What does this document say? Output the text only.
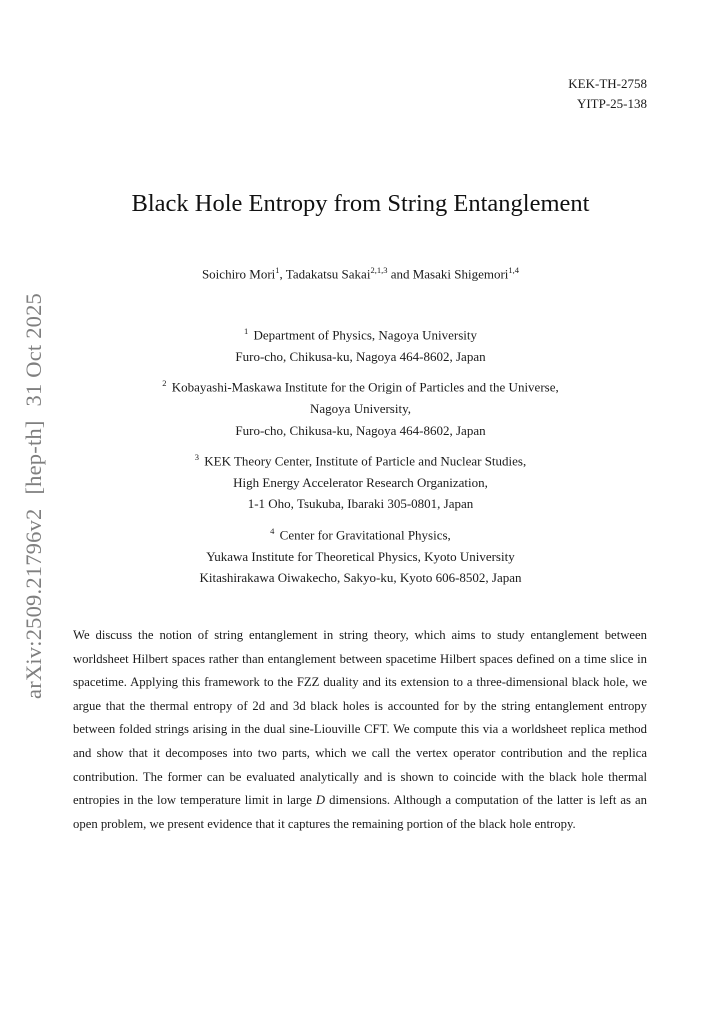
KEK-TH-2758
YITP-25-138
arXiv:2509.21796v2[hep-th]31 Oct 2025
Black Hole Entropy from String Entanglement
Soichiro Mori$^1$, Tadakatsu Sakai$^{2,1,3}$ and Masaki Shigemori$^{1,4}$
$^1$ Department of Physics, Nagoya University
Furo-cho, Chikusa-ku, Nagoya 464-8602, Japan
$^2$ Kobayashi-Maskawa Institute for the Origin of Particles and the Universe,
Nagoya University,
Furo-cho, Chikusa-ku, Nagoya 464-8602, Japan
$^3$ KEK Theory Center, Institute of Particle and Nuclear Studies,
High Energy Accelerator Research Organization,
1-1 Oho, Tsukuba, Ibaraki 305-0801, Japan
$^4$ Center for Gravitational Physics,
Yukawa Institute for Theoretical Physics, Kyoto University
Kitashirakawa Oiwakecho, Sakyo-ku, Kyoto 606-8502, Japan

We discuss the notion of string entanglement in string theory, which aims to study entanglement between worldsheet Hilbert spaces rather than entanglement between spacetime Hilbert spaces defined on a time slice in spacetime. Applying this framework to the FZZ duality and its extension to a three-dimensional black hole, we argue that the thermal entropy of 2d and 3d black holes is accounted for by the string entanglement entropy between folded strings arising in the dual sine-Liouville CFT. We compute this via a worldsheet replica method and show that it decomposes into two parts, which we call the vertex operator contribution and the replica contribution. The former can be evaluated analytically and is shown to coincide with the black hole thermal entropies in the low temperature limit in large D dimensions. Although a computation of the latter is left as an open problem, we present evidence that it captures the remaining portion of the black hole entropy.
